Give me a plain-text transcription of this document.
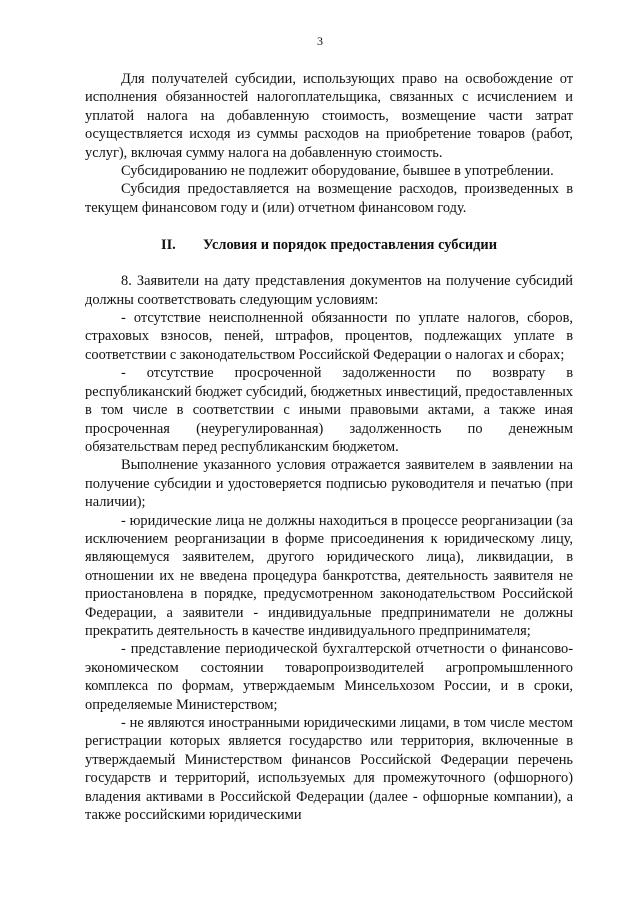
3

Для получателей субсидии, использующих право на освобождение от исполнения обязанностей налогоплательщика, связанных с исчислением и уплатой налога на добавленную стоимость, возмещение части затрат осуществляется исходя из суммы расходов на приобретение товаров (работ, услуг), включая сумму налога на добавленную стоимость.

Субсидированию не подлежит оборудование, бывшее в употреблении.

Субсидия предоставляется на возмещение расходов, произведенных в текущем финансовом году и (или) отчетном финансовом году.

II. Условия и порядок предоставления субсидии

8. Заявители на дату представления документов на получение субсидий должны соответствовать следующим условиям:

- отсутствие неисполненной обязанности по уплате налогов, сборов, страховых взносов, пеней, штрафов, процентов, подлежащих уплате в соответствии с законодательством Российской Федерации о налогах и сборах;

- отсутствие просроченной задолженности по возврату в республиканский бюджет субсидий, бюджетных инвестиций, предоставленных в том числе в соответствии с иными правовыми актами, а также иная просроченная (неурегулированная) задолженность по денежным обязательствам перед республиканским бюджетом.

Выполнение указанного условия отражается заявителем в заявлении на получение субсидии и удостоверяется подписью руководителя и печатью (при наличии);

- юридические лица не должны находиться в процессе реорганизации (за исключением реорганизации в форме присоединения к юридическому лицу, являющемуся заявителем, другого юридического лица), ликвидации, в отношении их не введена процедура банкротства, деятельность заявителя не приостановлена в порядке, предусмотренном законодательством Российской Федерации, а заявители - индивидуальные предприниматели не должны прекратить деятельность в качестве индивидуального предпринимателя;

- представление периодической бухгалтерской отчетности о финансово-экономическом состоянии товаропроизводителей агропромышленного комплекса по формам, утверждаемым Минсельхозом России, и в сроки, определяемые Министерством;

- не являются иностранными юридическими лицами, в том числе местом регистрации которых является государство или территория, включенные в утверждаемый Министерством финансов Российской Федерации перечень государств и территорий, используемых для промежуточного (офшорного) владения активами в Российской Федерации (далее - офшорные компании), а также российскими юридическими
